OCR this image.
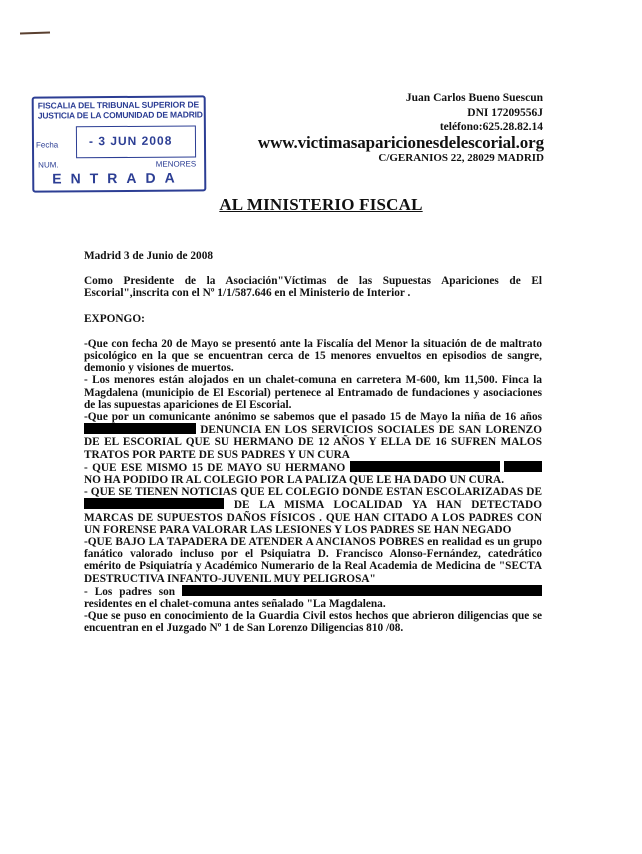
FISCALIA DEL TRIBUNAL SUPERIOR DE
JUSTICIA DE LA COMUNIDAD DE MADRID
Fecha	- 3 JUN 2008
NUM.	MENORES
ENTRADA
Juan Carlos Bueno Suescun
DNI 17209556J
teléfono:625.28.82.14
www.victimasaparicionesdelescorial.org
C/GERANIOS 22, 28029 MADRID
AL MINISTERIO FISCAL

Madrid 3 de Junio de 2008

Como Presidente de la Asociación"Víctimas de las Supuestas Apariciones de El Escorial",inscrita con el Nº 1/1/587.646 en el Ministerio de Interior .

EXPONGO:

-Que con fecha 20 de Mayo se presentó ante la Fiscalía del Menor la situación de de maltrato psicológico en la que se encuentran cerca de 15 menores envueltos en episodios de sangre, demonio y visiones de muertos.

- Los menores están alojados en un chalet-comuna en carretera M-600, km 11,500. Finca la Magdalena (municipio de El Escorial) pertenece al Entramado de fundaciones y asociaciones de las supuestas apariciones de El Escorial.

-Que por un comunicante anónimo se sabemos que el pasado 15 de Mayo la niña de 16 años  DENUNCIA EN LOS SERVICIOS SOCIALES DE SAN LORENZO DE EL ESCORIAL QUE SU HERMANO DE 12 AÑOS Y ELLA DE 16 SUFREN MALOS TRATOS POR PARTE DE SUS PADRES Y UN CURA

- QUE ESE MISMO 15 DE MAYO SU HERMANO   NO HA PODIDO IR AL COLEGIO POR LA PALIZA QUE LE HA DADO UN CURA.

- QUE SE TIENEN NOTICIAS QUE EL COLEGIO DONDE ESTAN ESCOLARIZADAS DE  DE LA MISMA LOCALIDAD YA HAN DETECTADO MARCAS DE SUPUESTOS DAÑOS FÍSICOS . QUE HAN CITADO A LOS PADRES CON UN FORENSE PARA VALORAR LAS LESIONES Y LOS PADRES SE HAN NEGADO

-QUE BAJO LA TAPADERA DE ATENDER A ANCIANOS POBRES en realidad es un grupo fanático valorado incluso por el Psiquiatra D. Francisco Alonso-Fernández, catedrático emérito de Psiquiatría y Académico Numerario de la Real Academia de Medicina de "SECTA DESTRUCTIVA INFANTO-JUVENIL MUY PELIGROSA"

- Los padres son  residentes en el chalet-comuna antes señalado "La Magdalena.

-Que se puso en conocimiento de la Guardia Civil estos hechos que abrieron diligencias que se encuentran en el Juzgado Nº 1 de San Lorenzo Diligencias 810 /08.
